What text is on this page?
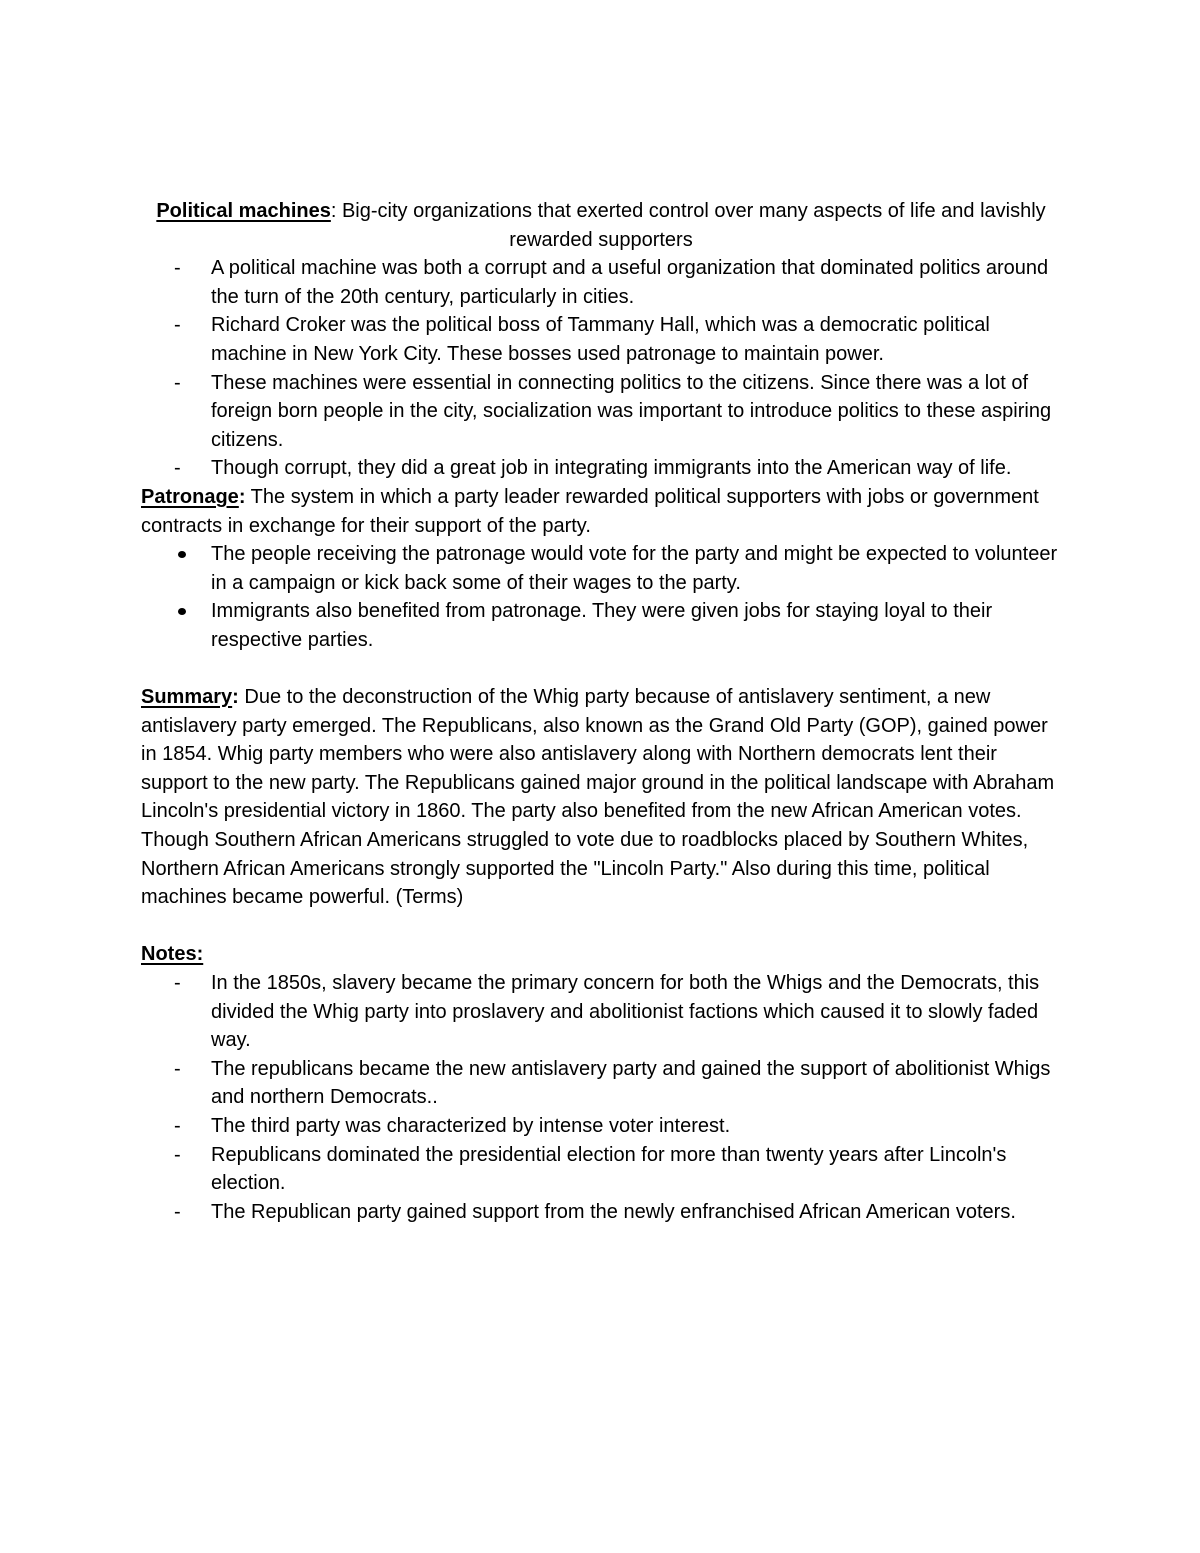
Political machines: Big-city organizations that exerted control over many aspects of life and lavishly rewarded supporters

- A political machine was both a corrupt and a useful organization that dominated politics around the turn of the 20th century, particularly in cities.
- Richard Croker was the political boss of Tammany Hall, which was a democratic political machine in New York City. These bosses used patronage to maintain power.
- These machines were essential in connecting politics to the citizens. Since there was a lot of foreign born people in the city, socialization was important to introduce politics to these aspiring citizens.
- Though corrupt, they did a great job in integrating immigrants into the American way of life.

Patronage: The system in which a party leader rewarded political supporters with jobs or government contracts in exchange for their support of the party.

The people receiving the patronage would vote for the party and might be expected to volunteer in a campaign or kick back some of their wages to the party.
Immigrants also benefited from patronage. They were given jobs for staying loyal to their respective parties.

Summary: Due to the deconstruction of the Whig party because of antislavery sentiment, a new antislavery party emerged. The Republicans, also known as the Grand Old Party (GOP), gained power in 1854. Whig party members who were also antislavery along with Northern democrats lent their support to the new party. The Republicans gained major ground in the political landscape with Abraham Lincoln's presidential victory in 1860. The party also benefited from the new African American votes. Though Southern African Americans struggled to vote due to roadblocks placed by Southern Whites, Northern African Americans strongly supported the "Lincoln Party." Also during this time, political machines became powerful. (Terms)

Notes:

- In the 1850s, slavery became the primary concern for both the Whigs and the Democrats, this divided the Whig party into proslavery and abolitionist factions which caused it to slowly faded way.
- The republicans became the new antislavery party and gained the support of abolitionist Whigs and northern Democrats..
- The third party was characterized by intense voter interest.
- Republicans dominated the presidential election for more than twenty years after Lincoln's election.
- The Republican party gained support from the newly enfranchised African American voters.
